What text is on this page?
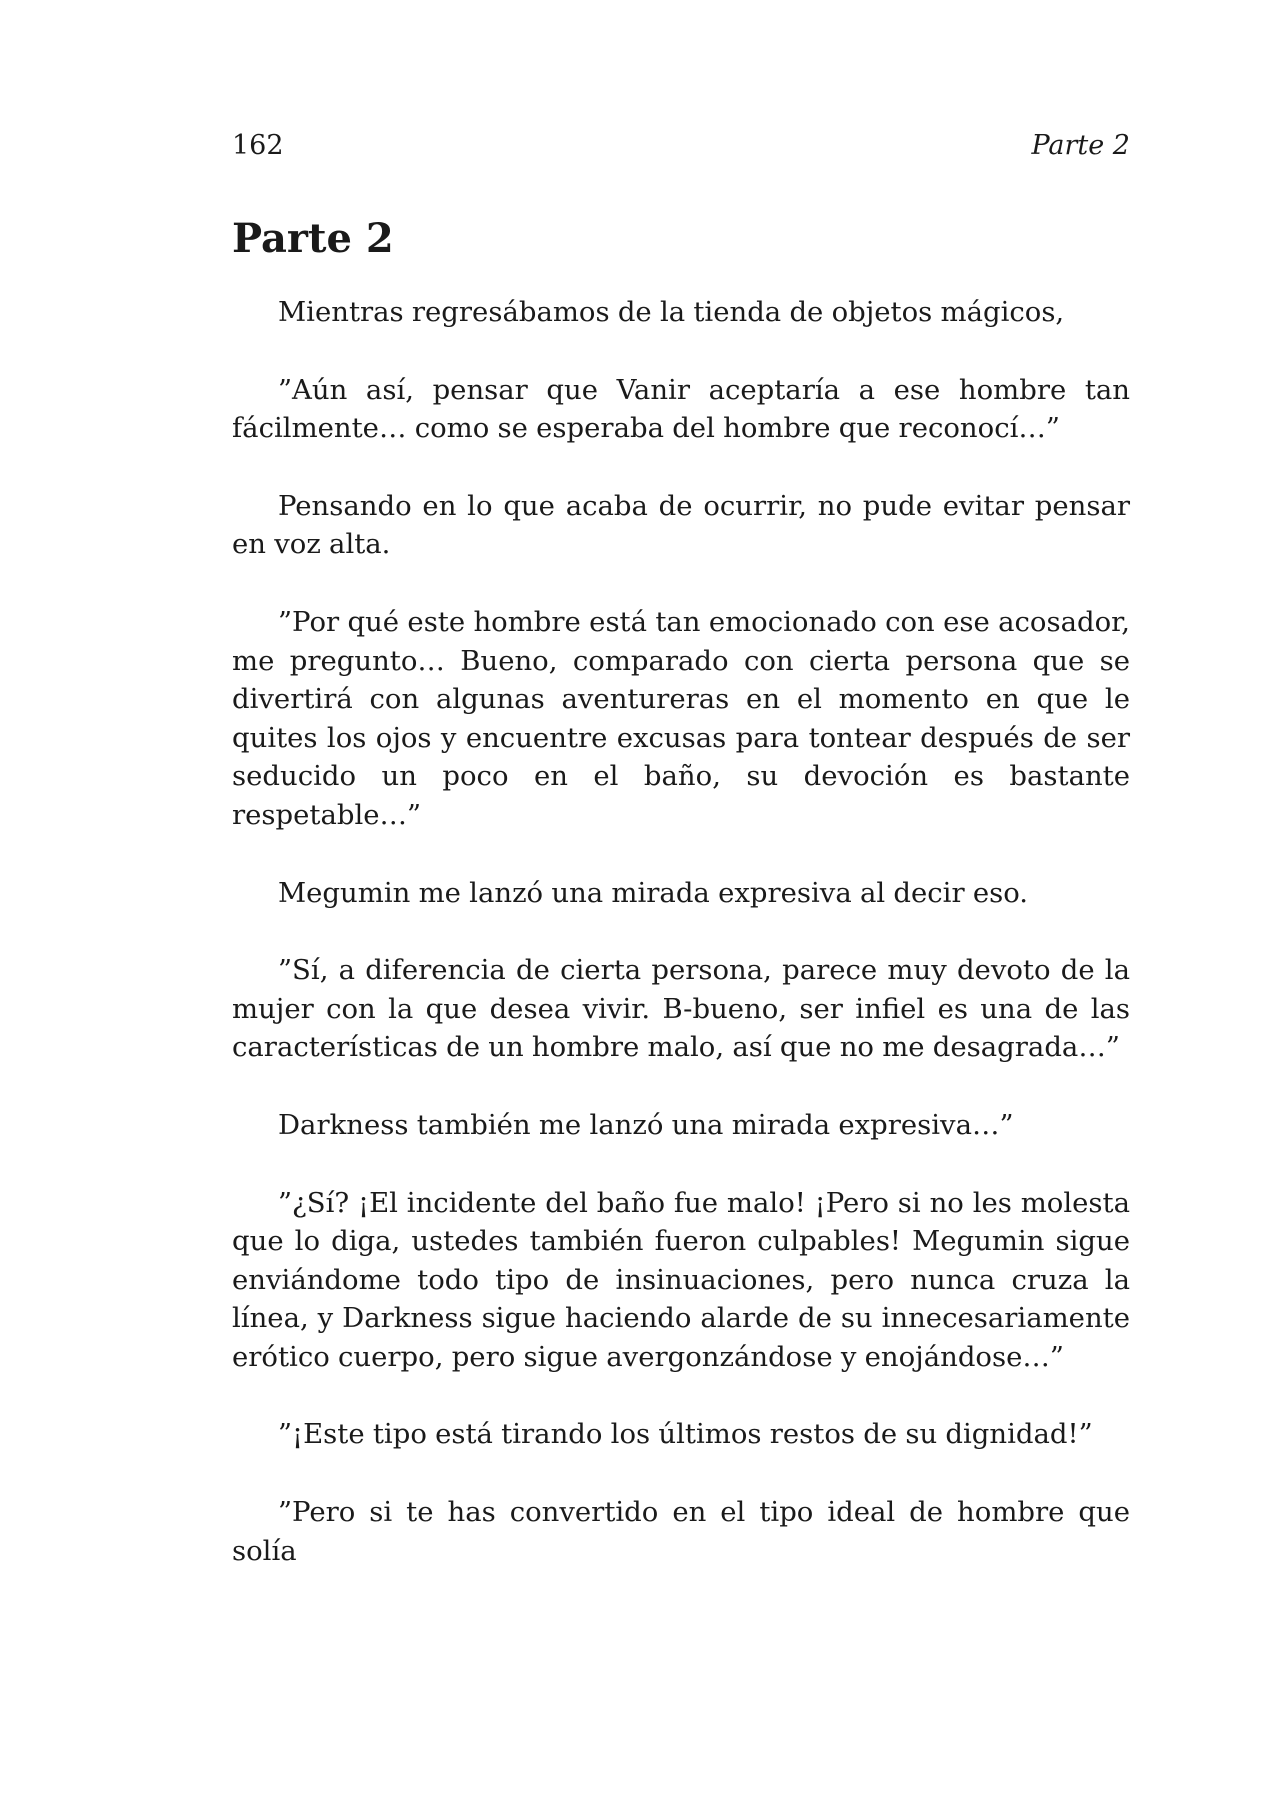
162	Parte 2
Parte 2

Mientras regresábamos de la tienda de objetos mágicos,

”Aún así, pensar que Vanir aceptaría a ese hombre tan fácilmente… como se esperaba del hombre que reconocí…”

Pensando en lo que acaba de ocurrir, no pude evitar pensar en voz alta.

”Por qué este hombre está tan emocionado con ese acosador, me pregunto… Bueno, comparado con cierta persona que se divertirá con algunas aventureras en el momento en que le quites los ojos y encuentre excusas para tontear después de ser seducido un poco en el baño, su devoción es bastante respetable…”

Megumin me lanzó una mirada expresiva al decir eso.

”Sí, a diferencia de cierta persona, parece muy devoto de la mujer con la que desea vivir. B-bueno, ser infiel es una de las características de un hombre malo, así que no me desagrada…”

Darkness también me lanzó una mirada expresiva…”

”¿Sí? ¡El incidente del baño fue malo! ¡Pero si no les molesta que lo diga, ustedes también fueron culpables! Megumin sigue enviándome todo tipo de insinuaciones, pero nunca cruza la línea, y Darkness sigue haciendo alarde de su innecesariamente erótico cuerpo, pero sigue avergonzándose y enojándose…”

”¡Este tipo está tirando los últimos restos de su dignidad!”

”Pero si te has convertido en el tipo ideal de hombre que solía
